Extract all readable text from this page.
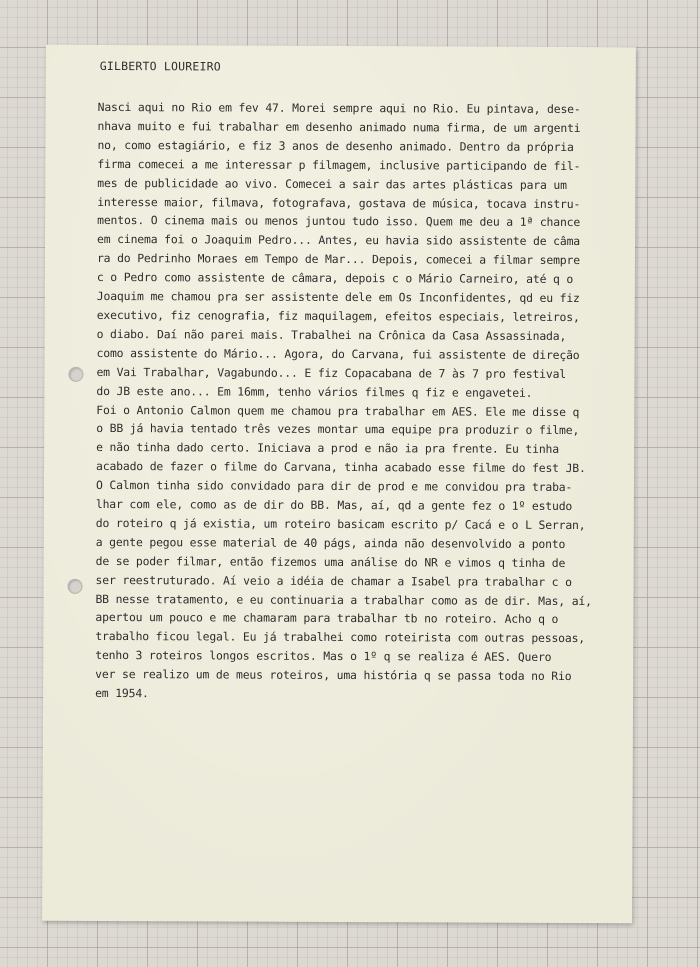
GILBERTO LOUREIRO
Nasci aqui no Rio em fev 47. Morei sempre aqui no Rio. Eu pintava, dese-
nhava muito e fui trabalhar em desenho animado numa firma, de um argenti
no, como estagiário, e fiz 3 anos de desenho animado. Dentro da própria
firma comecei a me interessar p filmagem, inclusive participando de fil-
mes de publicidade ao vivo. Comecei a sair das artes plásticas para um
interesse maior, filmava, fotografava, gostava de música, tocava instru-
mentos. O cinema mais ou menos juntou tudo isso. Quem me deu a 1ª chance
em cinema foi o Joaquim Pedro... Antes, eu havia sido assistente de câma
ra do Pedrinho Moraes em Tempo de Mar... Depois, comecei a filmar sempre
c o Pedro como assistente de câmara, depois c o Mário Carneiro, até q o
Joaquim me chamou pra ser assistente dele em Os Inconfidentes, qd eu fiz
executivo, fiz cenografia, fiz maquilagem, efeitos especiais, letreiros,
o diabo. Daí não parei mais. Trabalhei na Crônica da Casa Assassinada,
como assistente do Mário... Agora, do Carvana, fui assistente de direção
em Vai Trabalhar, Vagabundo... E fiz Copacabana de 7 às 7 pro festival
do JB este ano... Em 16mm, tenho vários filmes q fiz e engavetei.
Foi o Antonio Calmon quem me chamou pra trabalhar em AES. Ele me disse q
o BB já havia tentado três vezes montar uma equipe pra produzir o filme,
e não tinha dado certo. Iniciava a prod e não ia pra frente. Eu tinha
acabado de fazer o filme do Carvana, tinha acabado esse filme do fest JB.
O Calmon tinha sido convidado para dir de prod e me convidou pra traba-
lhar com ele, como as de dir do BB. Mas, aí, qd a gente fez o 1º estudo
do roteiro q já existia, um roteiro basicam escrito p/ Cacá e o L Serran,
a gente pegou esse material de 40 págs, ainda não desenvolvido a ponto
de se poder filmar, então fizemos uma análise do NR e vimos q tinha de
ser reestruturado. Aí veio a idéia de chamar a Isabel pra trabalhar c o
BB nesse tratamento, e eu continuaria a trabalhar como as de dir. Mas, aí,
apertou um pouco e me chamaram para trabalhar tb no roteiro. Acho q o
trabalho ficou legal. Eu já trabalhei como roteirista com outras pessoas,
tenho 3 roteiros longos escritos. Mas o 1º q se realiza é AES. Quero
ver se realizo um de meus roteiros, uma história q se passa toda no Rio
em 1954.
